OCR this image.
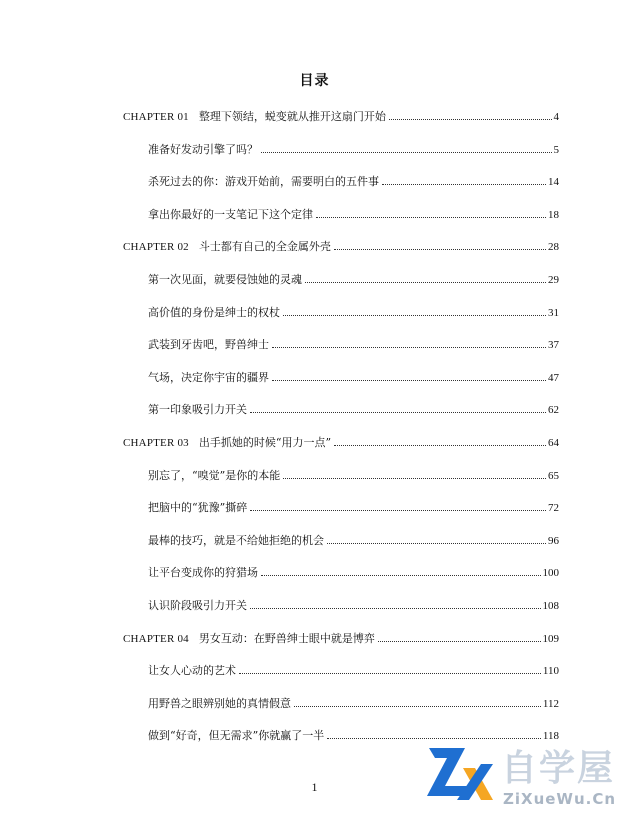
目录
CHAPTER 01 整理下领结，蜕变就从推开这扇门开始	4
准备好发动引擎了吗？	5
杀死过去的你：游戏开始前，需要明白的五件事	14
拿出你最好的一支笔记下这个定律	18
CHAPTER 02 斗士都有自己的全金属外壳	28
第一次见面，就要侵蚀她的灵魂	29
高价值的身份是绅士的权杖	31
武装到牙齿吧，野兽绅士	37
气场，决定你宇宙的疆界	47
第一印象吸引力开关	62
CHAPTER 03 出手抓她的时候“用力一点”	64
别忘了，“嗅觉”是你的本能	65
把脑中的“犹豫”撕碎	72
最棒的技巧，就是不给她拒绝的机会	96
让平台变成你的狩猎场	100
认识阶段吸引力开关	108
CHAPTER 04 男女互动：在野兽绅士眼中就是博弈	109
让女人心动的艺术	110
用野兽之眼辨别她的真情假意	112
做到“好奇，但无需求”你就赢了一半	118
1	自学屋
ZiXueWu.Cn
